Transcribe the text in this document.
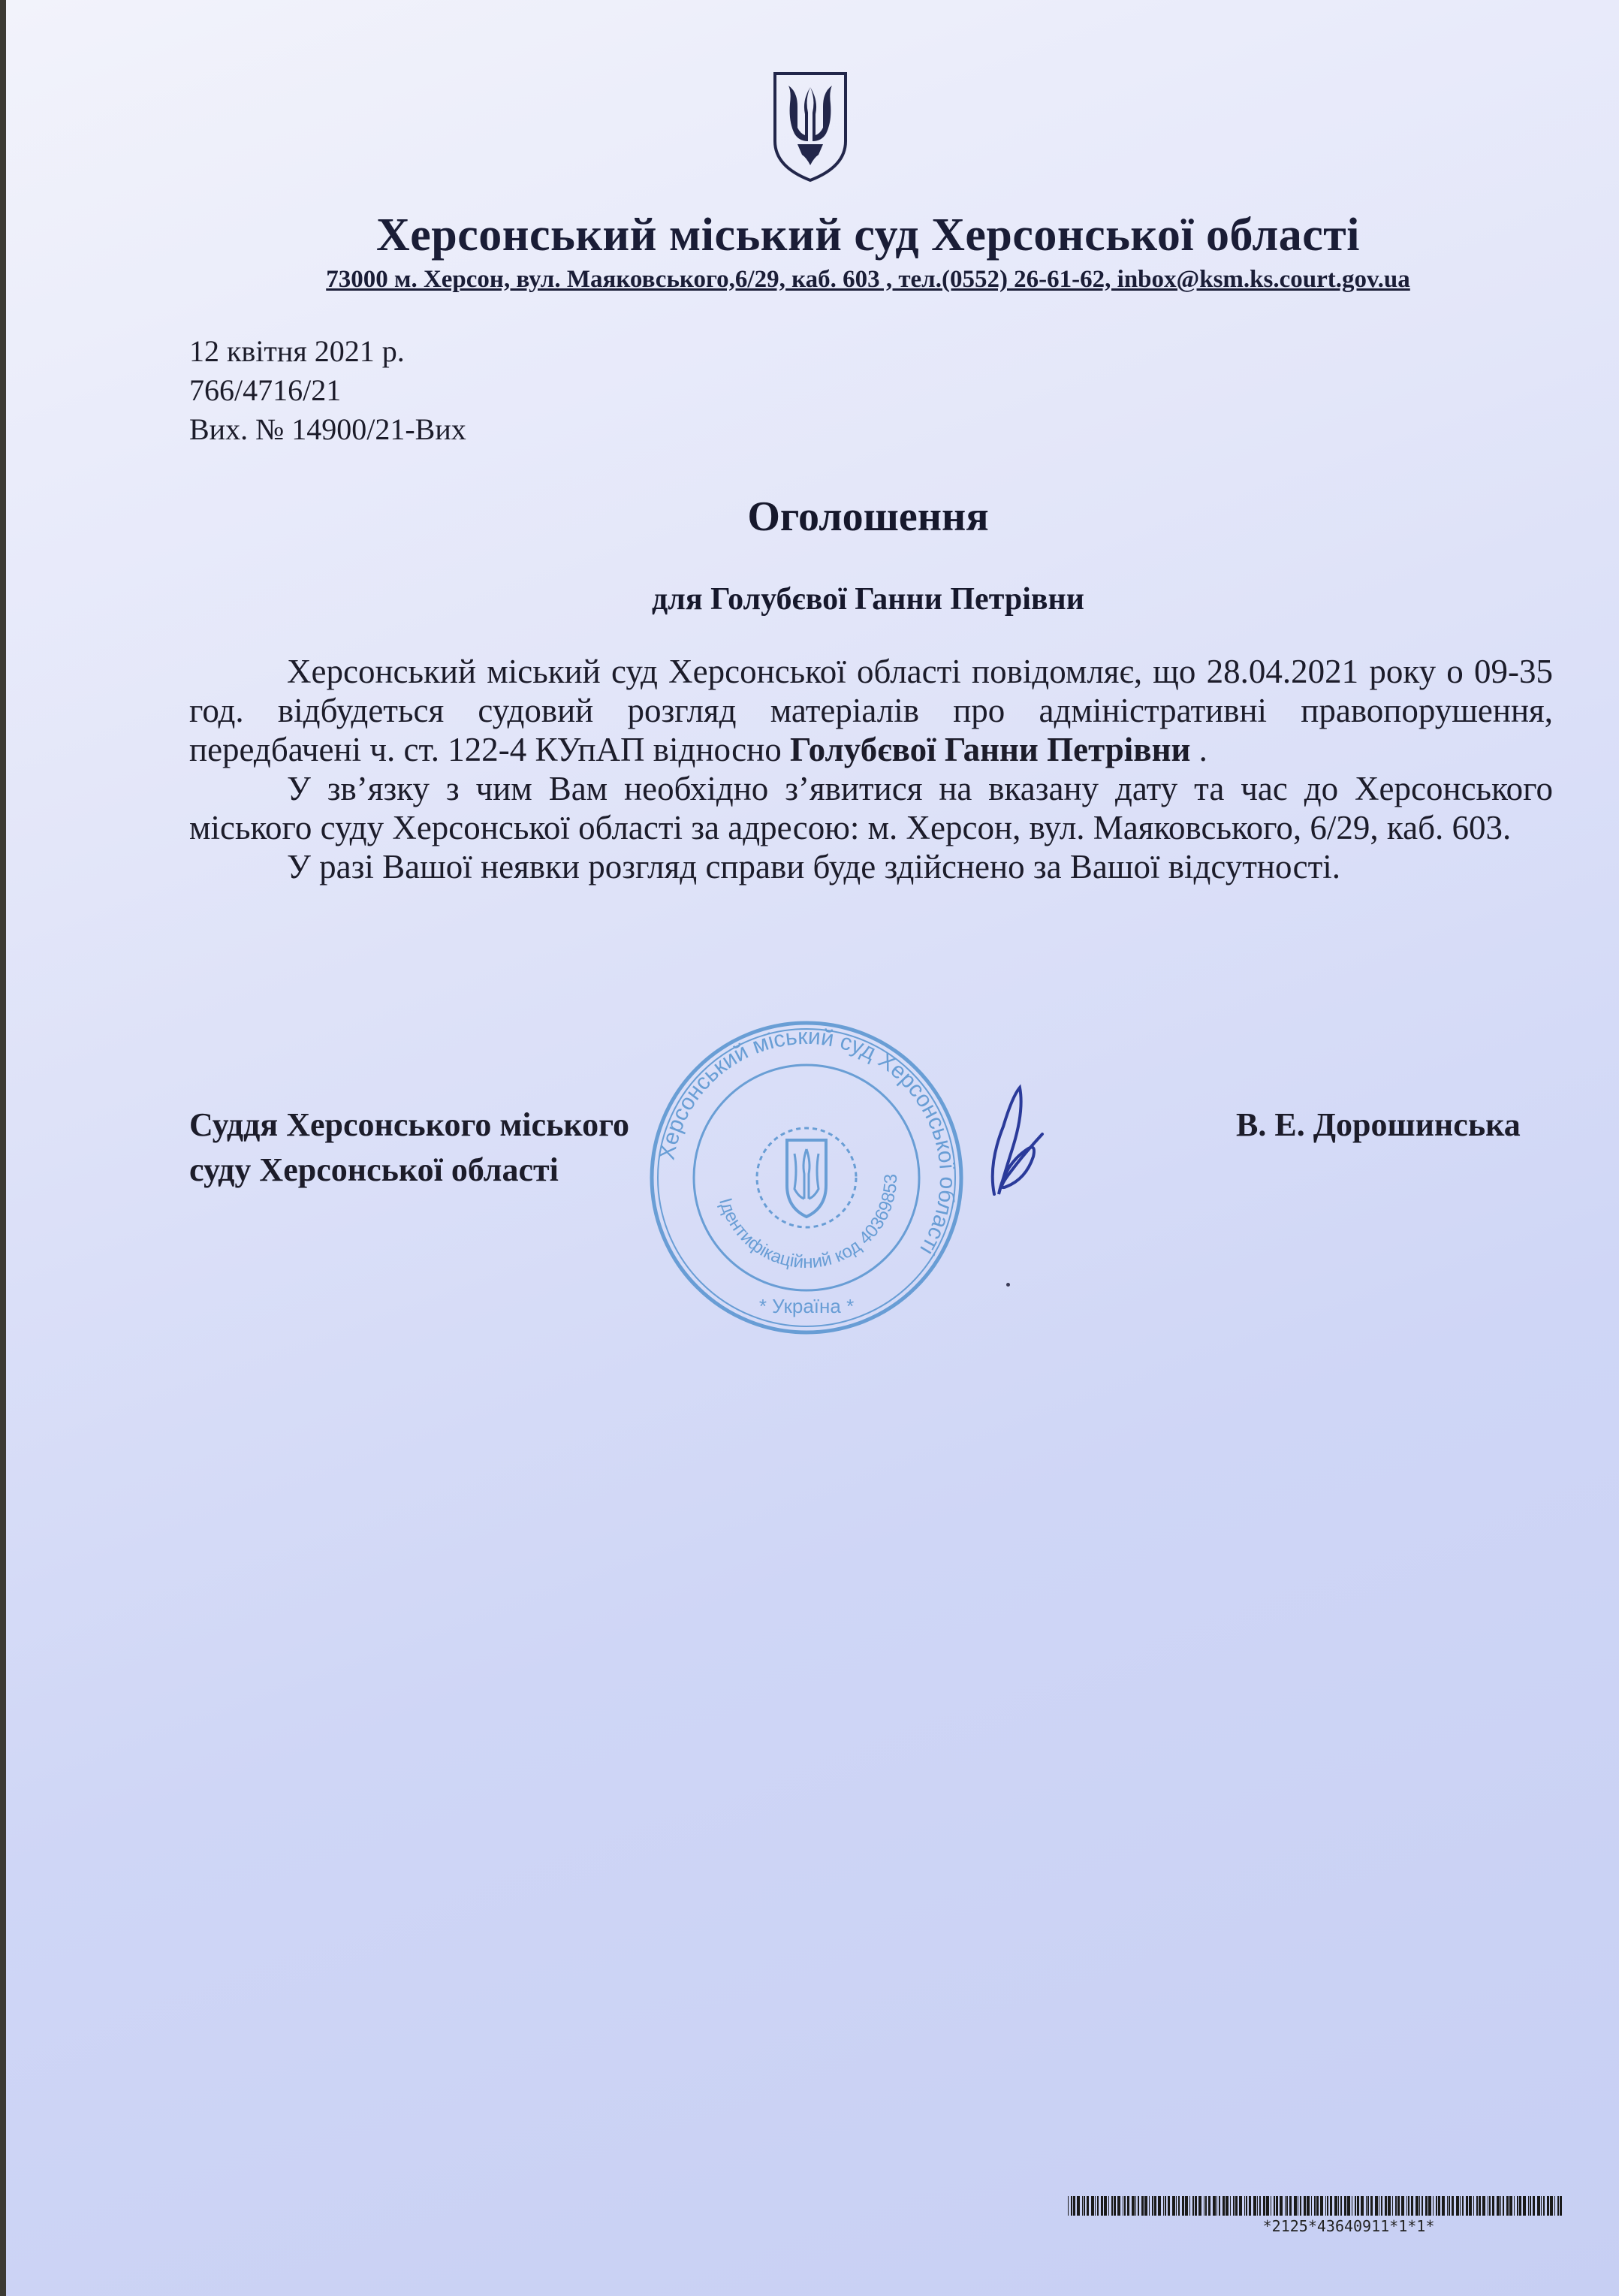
Херсонський міський суд Херсонської області
73000 м. Херсон, вул. Маяковського,6/29, каб. 603 , тел.(0552) 26-61-62, inbox@ksm.ks.court.gov.ua
12 квітня 2021 р.
766/4716/21
Вих. № 14900/21-Вих
Оголошення
для Голубєвої Ганни Петрівни

Херсонський міський суд Херсонської області повідомляє, що 28.04.2021 року о 09-35 год. відбудеться судовий розгляд матеріалів про адміністративні правопорушення, передбачені ч. ст. 122-4 КУпАП відносно Голубєвої Ганни Петрівни .

У зв’язку з чим Вам необхідно з’явитися на вказану дату та час до Херсонського міського суду Херсонської області за адресою: м. Херсон, вул. Маяковського, 6/29, каб. 603.

У разі Вашої неявки розгляд справи буде здійснено за Вашої відсутності.

Херсонський міський суд Херсонської області
Ідентифікаційний код 40369853
* Україна *
Суддя Херсонського міського
суду Херсонської області
В. Е. Дорошинська
*2125*43640911*1*1*
